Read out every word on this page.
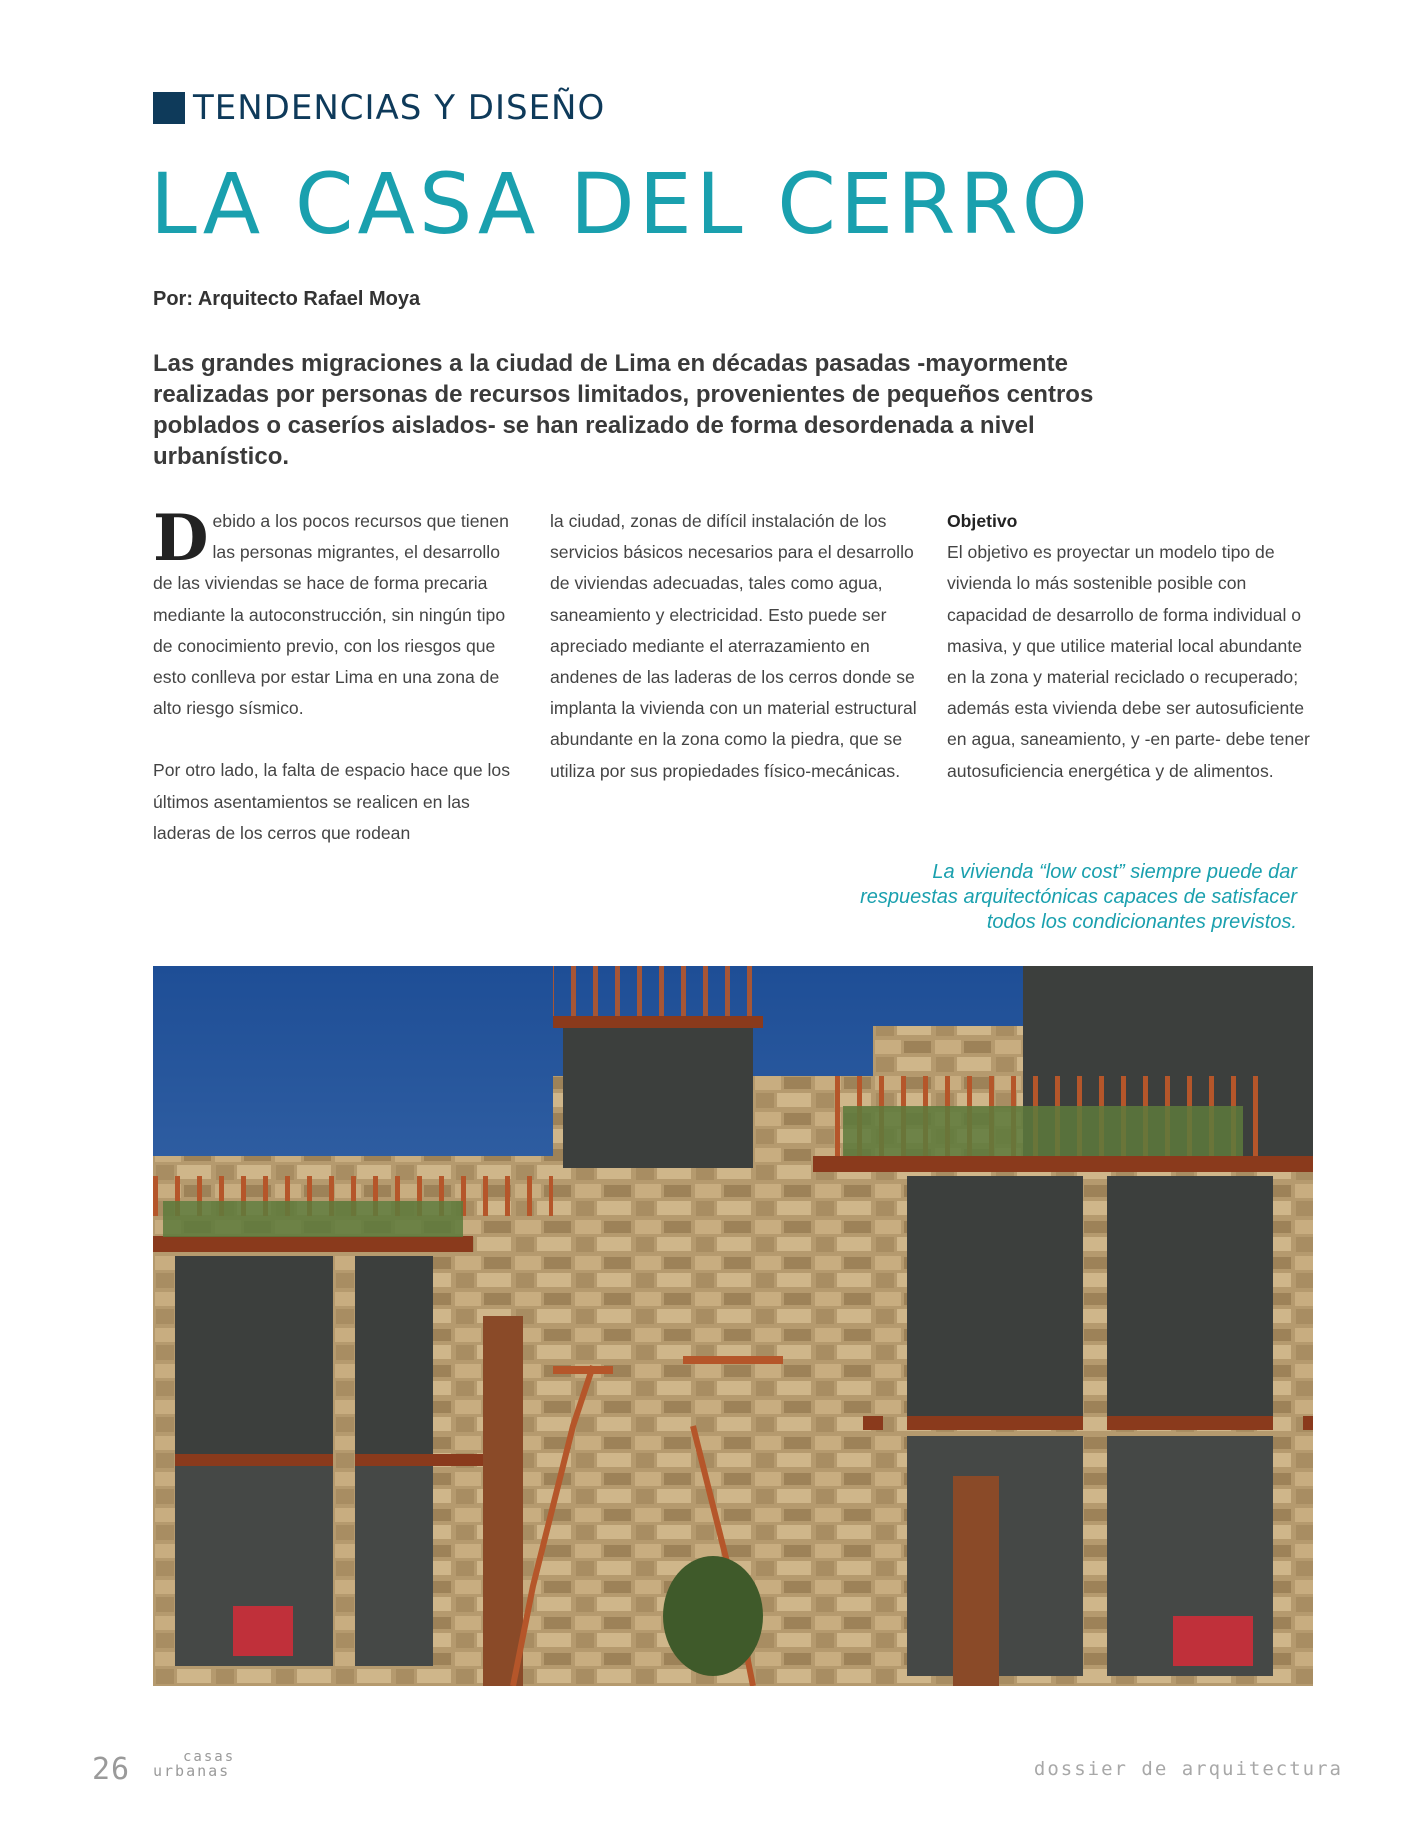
TENDENCIAS Y DISEÑO
LA CASA DEL CERRO
Por: Arquitecto Rafael Moya

Las grandes migraciones a la ciudad de Lima en décadas pasadas -mayormente realizadas por personas de recursos limitados, provenientes de pequeños centros poblados o caseríos aislados- se han realizado de forma desordenada a nivel urbanístico.

D ebido a los pocos recursos que tienen las personas migrantes, el desarrollo de las viviendas se hace de forma precaria mediante la autoconstrucción, sin ningún tipo de conocimiento previo, con los riesgos que esto conlleva por estar Lima en una zona de alto riesgo sísmico.

Por otro lado, la falta de espacio hace que los últimos asentamientos se realicen en las laderas de los cerros que rodean

la ciudad, zonas de difícil instalación de los servicios básicos necesarios para el desarrollo de viviendas adecuadas, tales como agua, saneamiento y electricidad. Esto puede ser apreciado mediante el aterrazamiento en andenes de las laderas de los cerros donde se implanta la vivienda con un material estructural abundante en la zona como la piedra, que se utiliza por sus propiedades físico-mecánicas.

Objetivo

El objetivo es proyectar un modelo tipo de vivienda lo más sostenible posible con capacidad de desarrollo de forma individual o masiva, y que utilice material local abundante en la zona y material reciclado o recuperado; además esta vivienda debe ser autosuficiente en agua, saneamiento, y -en parte- debe tener autosuficiencia energética y de alimentos.

La vivienda “low cost” siempre puede dar respuestas arquitectónicas capaces de satisfacer todos los condicionantes previstos.

26	casas
urbanas	dossier de arquitectura
